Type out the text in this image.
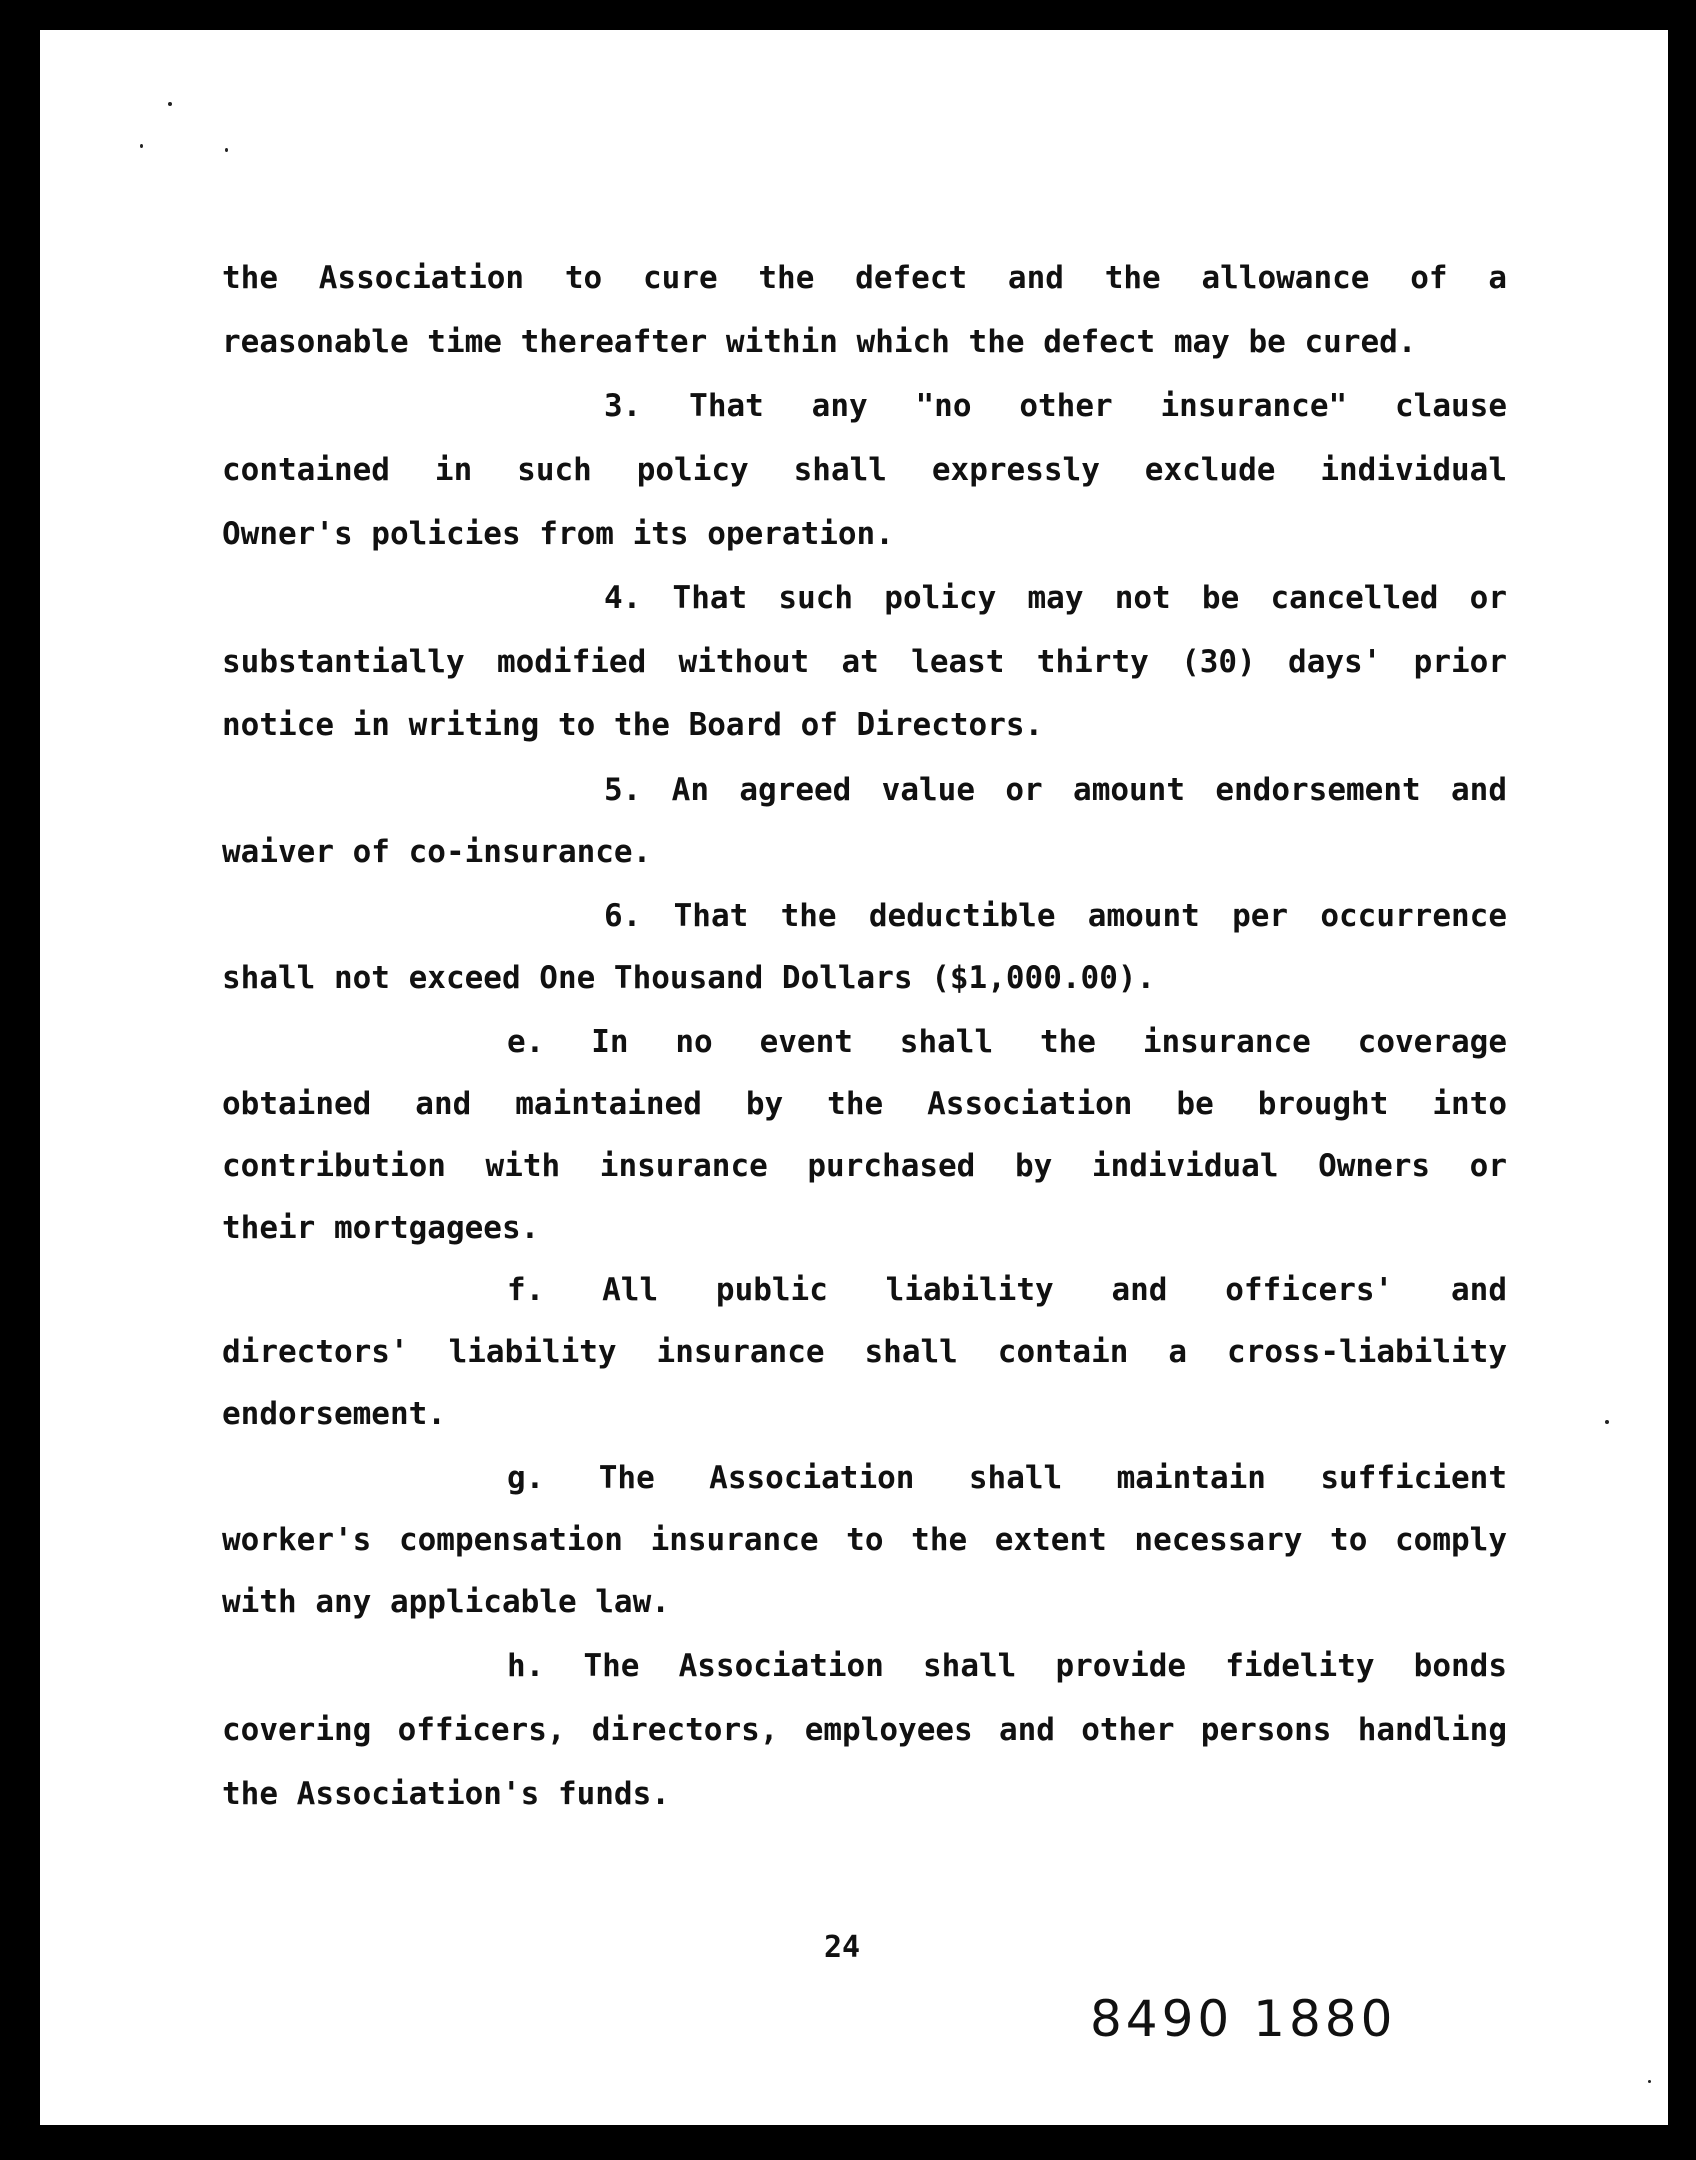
the Association to cure the defect and the allowance of a

reasonable time thereafter within which the defect may be cured.

3. That any "no other insurance" clause

contained in such policy shall expressly exclude individual

Owner's policies from its operation.

4. That such policy may not be cancelled or

substantially modified without at least thirty (30) days' prior

notice in writing to the Board of Directors.

5. An agreed value or amount endorsement and

waiver of co-insurance.

6. That the deductible amount per occurrence

shall not exceed One Thousand Dollars ($1,000.00).

e. In no event shall the insurance coverage

obtained and maintained by the Association be brought into

contribution with insurance purchased by individual Owners or

their mortgagees.

f. All public liability and officers' and

directors' liability insurance shall contain a cross-liability

endorsement.

g. The Association shall maintain sufficient

worker's compensation insurance to the extent necessary to comply

with any applicable law.

h. The Association shall provide fidelity bonds

covering officers, directors, employees and other persons handling

the Association's funds.

24
8490 1880
